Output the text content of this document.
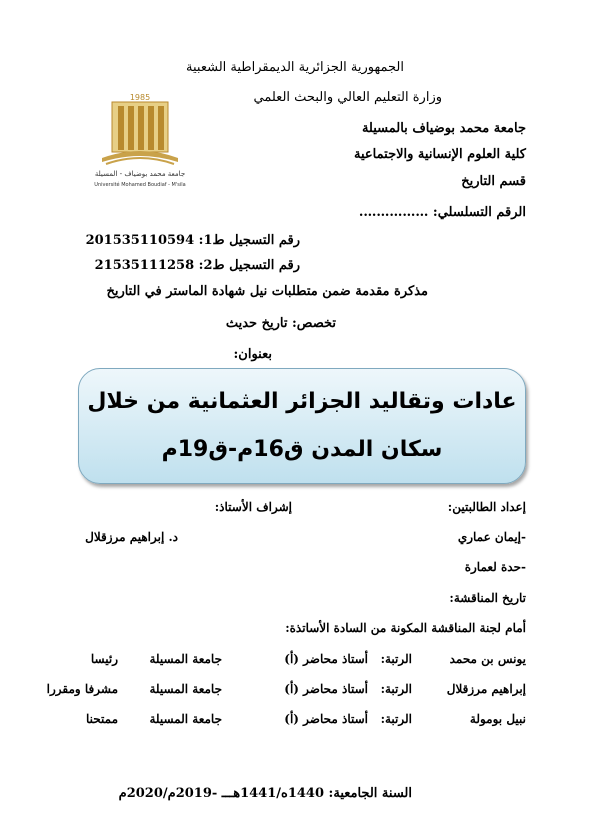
الجمهورية الجزائرية الديمقراطية الشعبية
وزارة التعليم العالي والبحث العلمي
جامعة محمد بوضياف بالمسيلة
كلية العلوم الإنسانية والاجتماعية
قسم التاريخ
1985
جامعة محمد بوضياف - المسيلة
Université Mohamed Boudiaf - M'sila
الرقم التسلسلي: …………….
رقم التسجيل ط1: 201535110594
رقم التسجيل ط2: 21535111258
مذكرة مقدمة ضمن متطلبات نيل شهادة الماستر في التاريخ
تخصص: تاريخ حديث
بعنوان:
عادات وتقاليد الجزائر العثمانية من خلال
سكان المدن ق16م-ق19م
إعداد الطالبتين:
-إيمان عماري
-حدة لعمارة
إشراف الأستاذ:
د. إبراهيم مرزقلال
تاريخ المناقشة:
أمام لجنة المناقشة المكونة من السادة الأساتذة:
يونس بن محمد
الرتبة:
أستاذ محاضر (أ)
جامعة المسيلة
رئيسا
إبراهيم مرزقلال
الرتبة:
أستاذ محاضر (أ)
جامعة المسيلة
مشرفا ومقررا
نبيل بومولة
الرتبة:
أستاذ محاضر (أ)
جامعة المسيلة
ممتحنا
السنة الجامعية: 1440ه/1441هـــ -2019م/2020م
